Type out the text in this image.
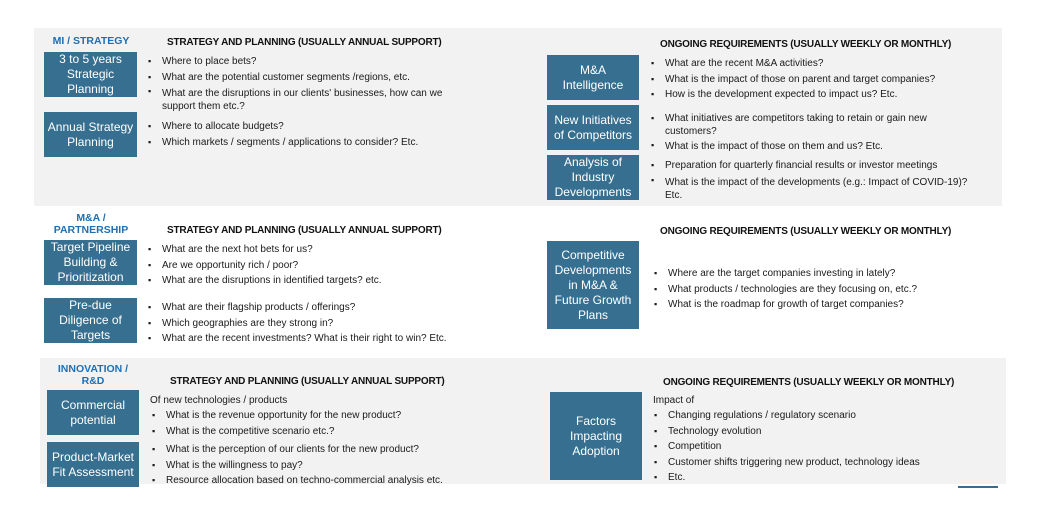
MI / STRATEGY	STRATEGY AND PLANNING (USUALLY ANNUAL SUPPORT)	ONGOING REQUIREMENTS (USUALLY WEEKLY OR MONTHLY)
3 to 5 years Strategic Planning
▪ Where to place bets?
▪ What are the potential customer segments /regions, etc.
▪ What are the disruptions in our clients' businesses, how can we support them etc.?
Annual Strategy Planning
▪ Where to allocate budgets?
▪ Which markets / segments / applications to consider? Etc.
M&A Intelligence
▪ What are the recent M&A activities?
▪ What is the impact of those on parent and target companies?
▪ How is the development expected to impact us? Etc.
New Initiatives of Competitors
▪ What initiatives are competitors taking to retain or gain new customers?
▪ What is the impact of those on them and us? Etc.
Analysis of Industry Developments
▪ Preparation for quarterly financial results or investor meetings
▪ What is the impact of the developments (e.g.: Impact of COVID-19)? Etc.
M&A / PARTNERSHIP	STRATEGY AND PLANNING (USUALLY ANNUAL SUPPORT)	ONGOING REQUIREMENTS (USUALLY WEEKLY OR MONTHLY)
Target Pipeline Building & Prioritization
▪ What are the next hot bets for us?
▪ Are we opportunity rich / poor?
▪ What are the disruptions in identified targets? etc.
Pre-due Diligence of Targets
▪ What are their flagship products / offerings?
▪ Which geographies are they strong in?
▪ What are the recent investments? What is their right to win? Etc.
Competitive Developments in M&A & Future Growth Plans
▪ Where are the target companies investing in lately?
▪ What products / technologies are they focusing on, etc.?
▪ What is the roadmap for growth of target companies?
INNOVATION / R&D	STRATEGY AND PLANNING (USUALLY ANNUAL SUPPORT)	ONGOING REQUIREMENTS (USUALLY WEEKLY OR MONTHLY)
Of new technologies / products
Commercial potential
▪	What is the revenue opportunity for the new product?
▪ What is the competitive scenario etc.?
Product-Market Fit Assessment
▪ What is the perception of our clients for the new product?
▪ What is the willingness to pay?
▪ Resource allocation based on techno-commercial analysis etc.
Impact of
Factors Impacting Adoption
▪ Changing regulations / regulatory scenario
▪ Technology evolution
▪ Competition
▪ Customer shifts triggering new product, technology ideas
▪ Etc.
